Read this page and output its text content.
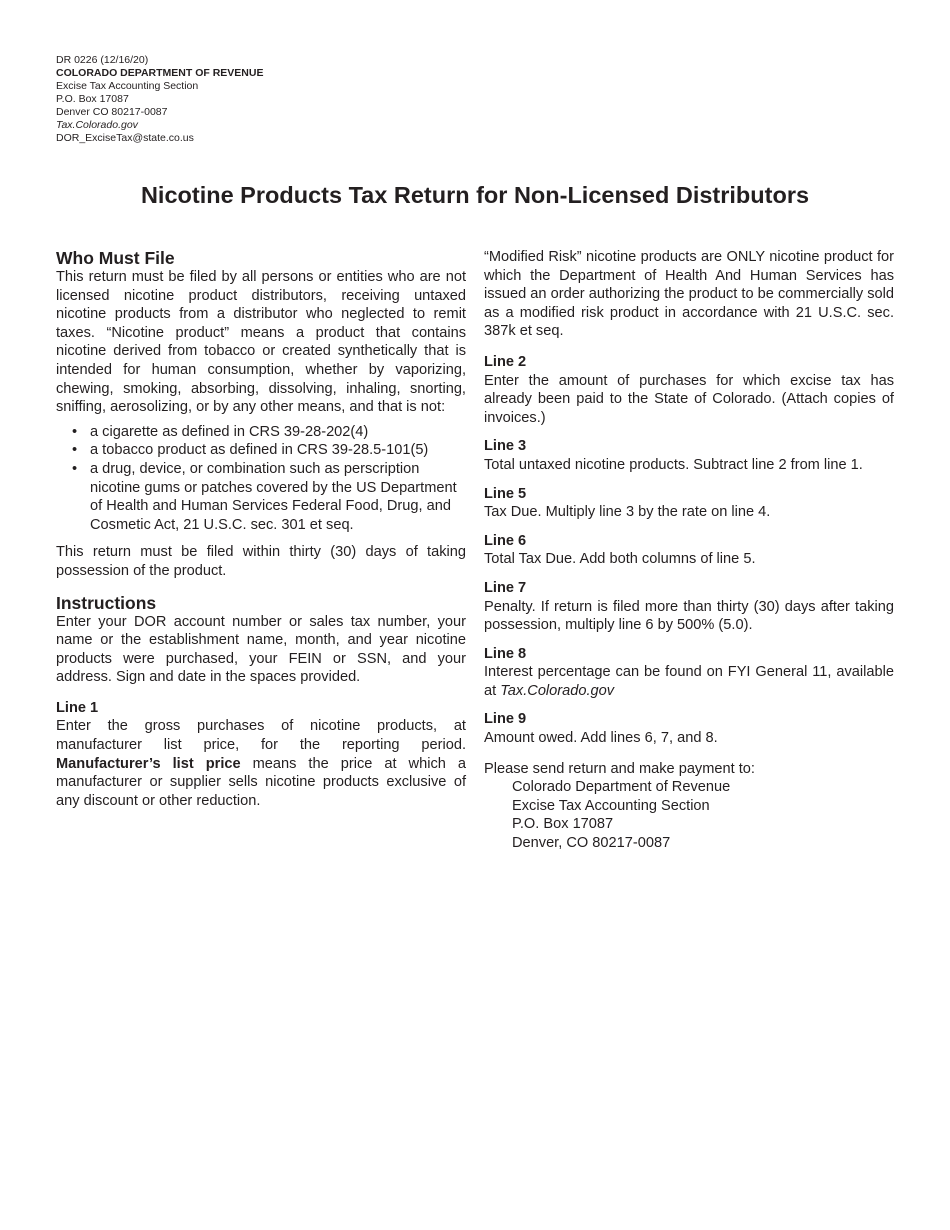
DR 0226 (12/16/20)
COLORADO DEPARTMENT OF REVENUE
Excise Tax Accounting Section
P.O. Box 17087
Denver CO 80217-0087
Tax.Colorado.gov
DOR_ExciseTax@state.co.us
Nicotine Products Tax Return for Non-Licensed Distributors
Who Must File

This return must be filed by all persons or entities who are not licensed nicotine product distributors, receiving untaxed nicotine products from a distributor who neglected to remit taxes. “Nicotine product” means a product that contains nicotine derived from tobacco or created synthetically that is intended for human consumption, whether by vaporizing, chewing, smoking, absorbing, dissolving, inhaling, snorting, sniffing, aerosolizing, or by any other means, and that is not:

• a cigarette as defined in CRS 39-28-202(4)
• a tobacco product as defined in CRS 39-28.5-101(5)
• a drug, device, or combination such as perscription nicotine gums or patches covered by the US Department of Health and Human Services Federal Food, Drug, and Cosmetic Act, 21 U.S.C. sec. 301 et seq.

This return must be filed within thirty (30) days of taking possession of the product.

Instructions

Enter your DOR account number or sales tax number, your name or the establishment name, month, and year nicotine products were purchased, your FEIN or SSN, and your address. Sign and date in the spaces provided.

Line 1

Enter the gross purchases of nicotine products, at manufacturer list price, for the reporting period. Manufacturer’s list price means the price at which a manufacturer or supplier sells nicotine products exclusive of any discount or other reduction.

“Modified Risk” nicotine products are ONLY nicotine product for which the Department of Health And Human Services has issued an order authorizing the product to be commercially sold as a modified risk product in accordance with 21 U.S.C. sec. 387k et seq.

Line 2

Enter the amount of purchases for which excise tax has already been paid to the State of Colorado. (Attach copies of invoices.)

Line 3

Total untaxed nicotine products. Subtract line 2 from line 1.

Line 5

Tax Due. Multiply line 3 by the rate on line 4.

Line 6

Total Tax Due. Add both columns of line 5.

Line 7

Penalty. If return is filed more than thirty (30) days after taking possession, multiply line 6 by 500% (5.0).

Line 8

Interest percentage can be found on FYI General 11, available at Tax.Colorado.gov

Line 9

Amount owed. Add lines 6, 7, and 8.

Please send return and make payment to:

Colorado Department of Revenue
Excise Tax Accounting Section
P.O. Box 17087
Denver, CO 80217-0087
